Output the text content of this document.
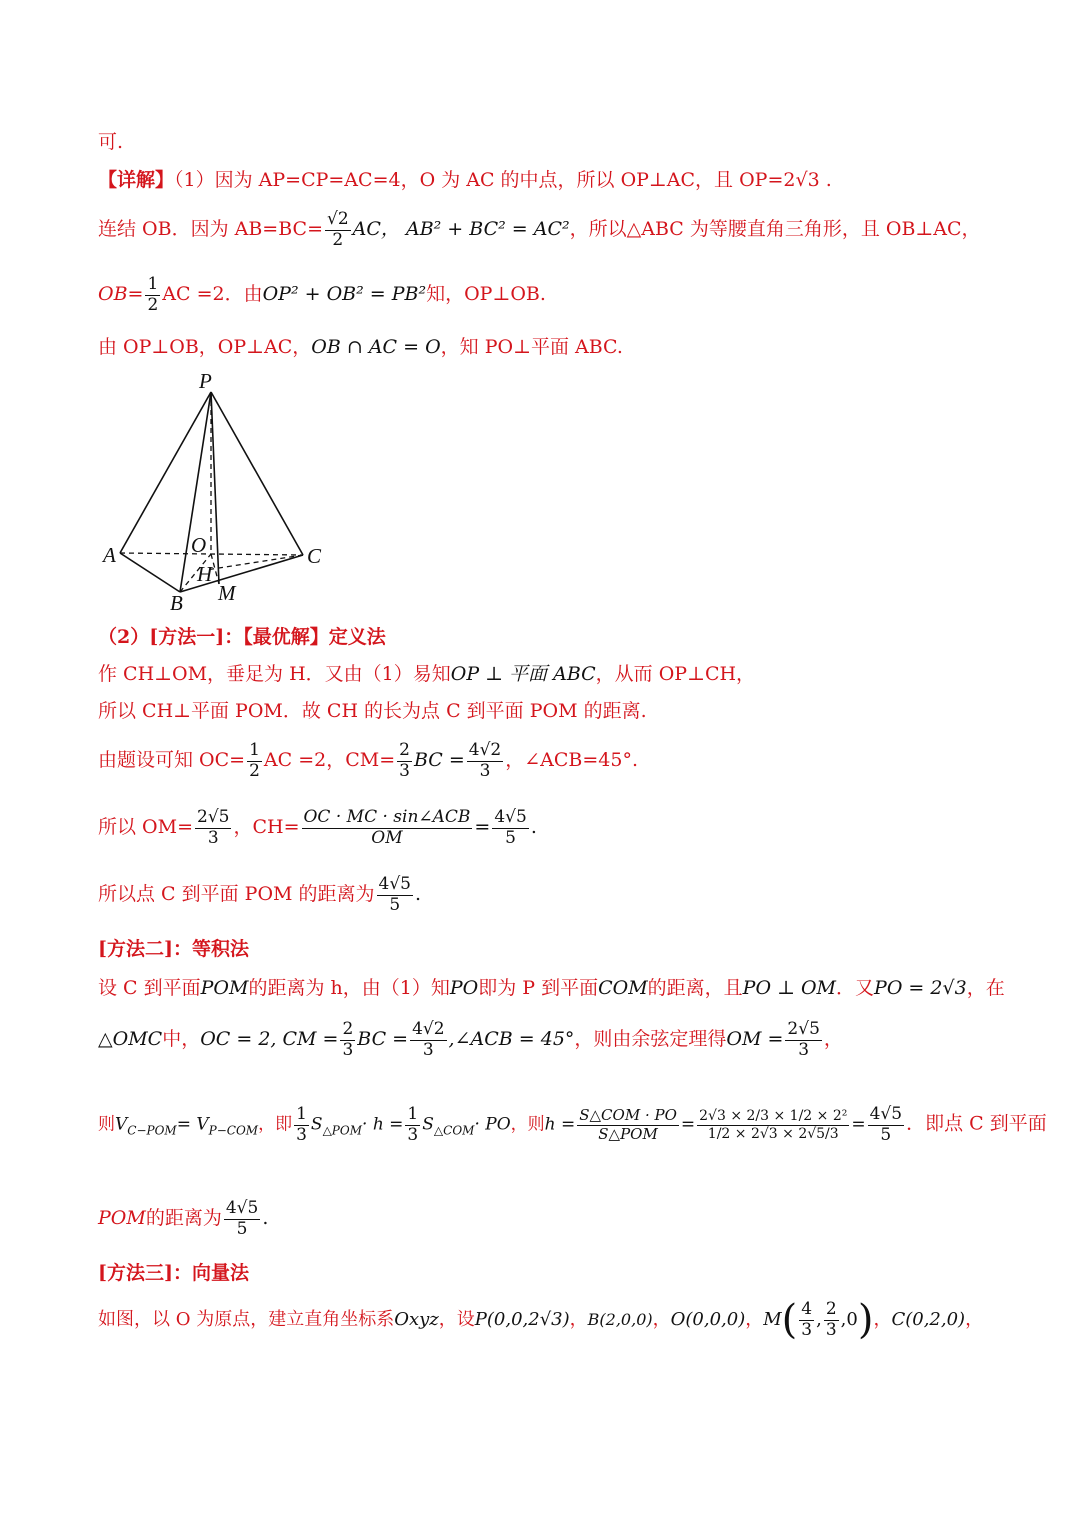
可.
【详解】（1）因为 AP=CP=AC=4，O 为 AC 的中点，所以 OP⊥AC，且 OP=2√3 .
连结 OB．因为 $AB=BC= \frac{√2}{2}$ AC， AB² + BC² = AC²，所以△ABC 为等腰直角三角形，且 OB⊥AC，
$OB= \frac{1}{2}$ AC =2．由OP² + OB² = PB²知，OP⊥OB.
由 OP⊥OB，OP⊥AC，OB ∩ AC = O，知 PO⊥平面 ABC.
P
A	O	C
H
B M
（2）[方法一]：【最优解】定义法
作 CH⊥OM，垂足为 H．又由（1）易知OP ⊥ 平面 ABC，从而 OP⊥CH，
所以 CH⊥平面 POM．故 CH 的长为点 C 到平面 POM 的距离.
由题设可知 $OC= \frac{1}{2}$ AC =2，$CM= \frac{2}{3}$ BC = $\frac{4√2}{3}$ ，∠ACB=45°.
所以 $OM= \frac{2√5}{3}$ ，$CH= \frac{\text{OC · MC · sin∠ACB}}{OM} = \frac{4√5}{5}$ .
所以点 C 到平面 POM 的距离为 $\frac{4√5}{5}$ .
[方法二]：等积法
设 C 到平面POM的距离为 h，由（1）知PO即为 P 到平面COM的距离，且PO ⊥ OM．又PO = 2√3，在
△OMC中，OC = 2, CM = $\frac{2}{3}$ BC = $\frac{4√2}{3}$ ,∠ACB = 45°，则由余弦定理得OM = $\frac{2√5}{3}$ ，
则$V_{C-POM}= V_{P-COM}$，即 $\frac{1}{3} S_{\triangle POM}\cdot h = \frac{1}{3} S_{\triangle COM}\cdot$ PO，则$h = \frac{\text{S△COM · PO}}{\text{S△POM}} = \frac{\text{2√3 × 2/3 × 1/2 × 2²}}{1/2 \times 2√3 \times 2√5/3} = \frac{4√5}{5}$ ．即点 C 到平面
POM的距离为 $\frac{4√5}{5}$ .
[方法三]：向量法
如图，以 O 为原点，建立直角坐标系Oxyz，设P(0,0,2√3)，B(2,0,0)，O(0,0,0)，$M( \frac{4}{3}$ , $\frac{2}{3} ,0$)，C(0,2,0)，
